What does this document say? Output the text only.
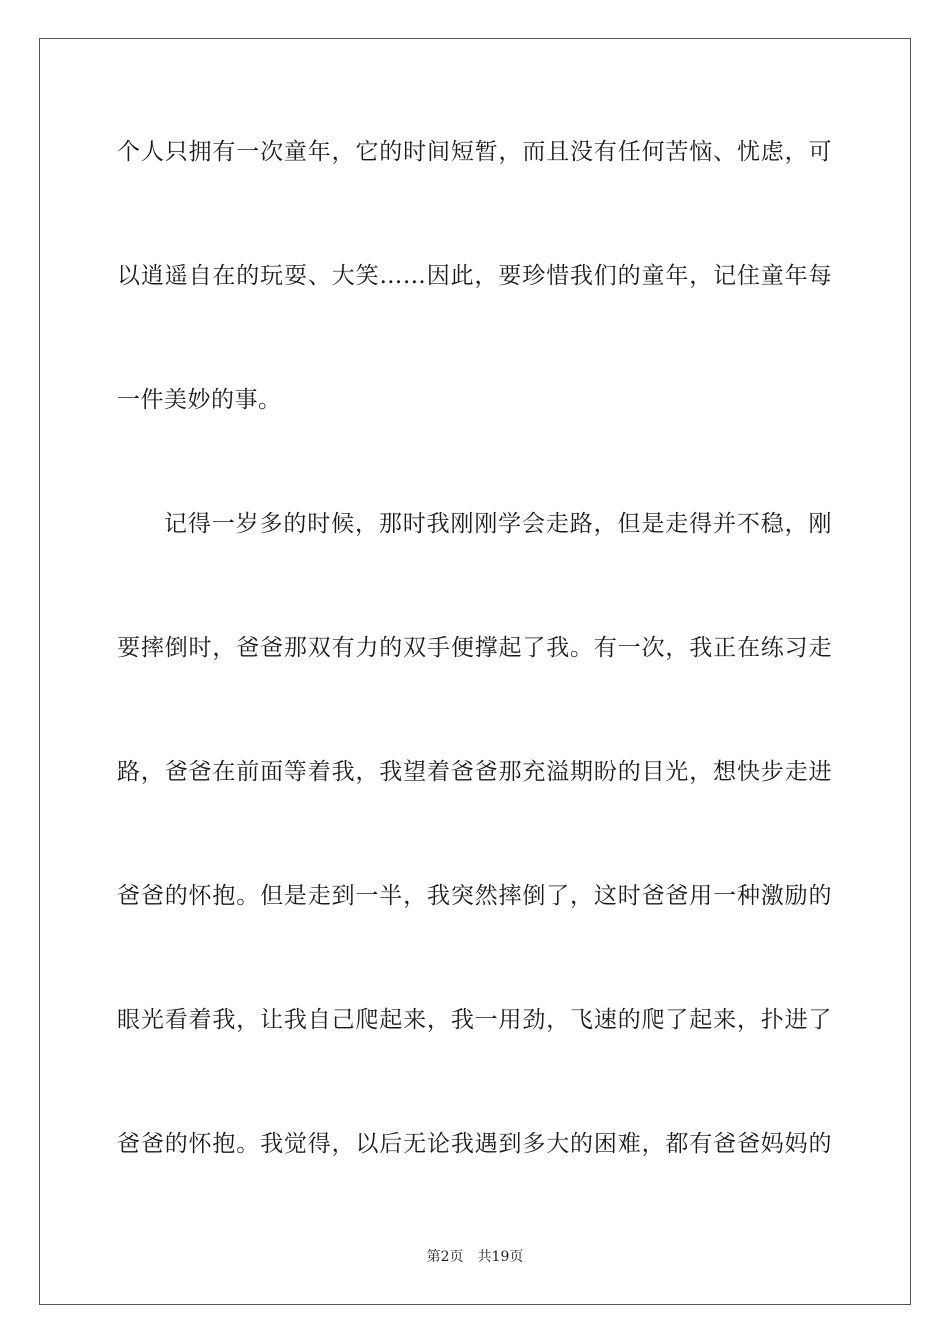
个人只拥有一次童年，它的时间短暂，而且没有任何苦恼、忧虑，可
以逍遥自在的玩耍、大笑……因此，要珍惜我们的童年，记住童年每
一件美妙的事。
记得一岁多的时候，那时我刚刚学会走路，但是走得并不稳，刚
要摔倒时，爸爸那双有力的双手便撑起了我。有一次，我正在练习走
路，爸爸在前面等着我，我望着爸爸那充溢期盼的目光，想快步走进
爸爸的怀抱。但是走到一半，我突然摔倒了，这时爸爸用一种激励的
眼光看着我，让我自己爬起来，我一用劲，飞速的爬了起来，扑进了
爸爸的怀抱。我觉得，以后无论我遇到多大的困难，都有爸爸妈妈的
第2页 共19页
